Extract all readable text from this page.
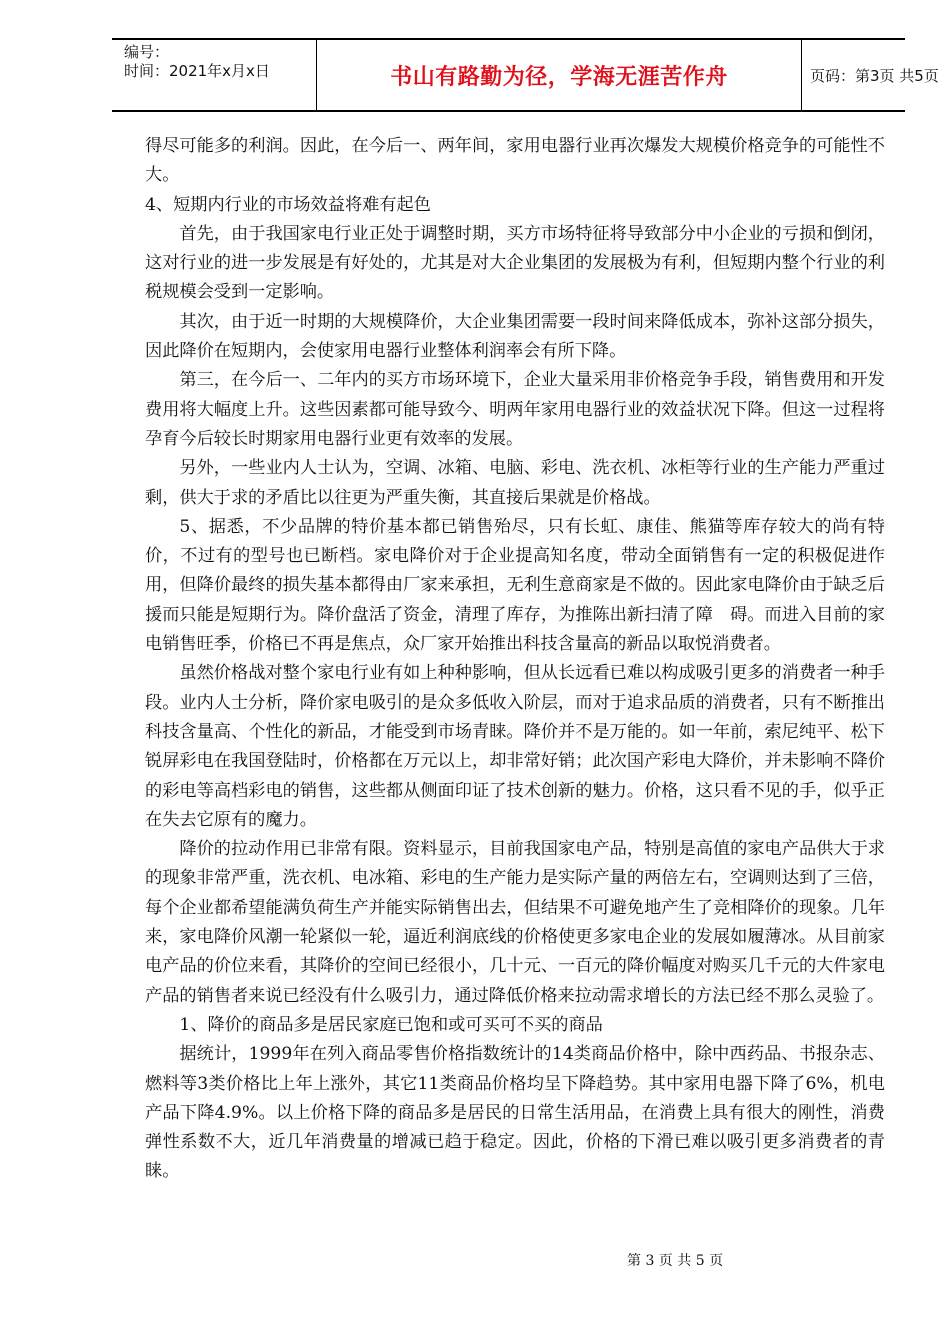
编号：
时间：2021年x月x日	书山有路勤为径，学海无涯苦作舟	页码：第3页 共5页

得尽可能多的利润。因此，在今后一、两年间，家用电器行业再次爆发大规模价格竞争的可能性不大。

4、短期内行业的市场效益将难有起色

首先，由于我国家电行业正处于调整时期，买方市场特征将导致部分中小企业的亏损和倒闭，这对行业的进一步发展是有好处的，尤其是对大企业集团的发展极为有利，但短期内整个行业的利税规模会受到一定影响。

其次，由于近一时期的大规模降价，大企业集团需要一段时间来降低成本，弥补这部分损失，因此降价在短期内，会使家用电器行业整体利润率会有所下降。

第三，在今后一、二年内的买方市场环境下，企业大量采用非价格竞争手段，销售费用和开发费用将大幅度上升。这些因素都可能导致今、明两年家用电器行业的效益状况下降。但这一过程将孕育今后较长时期家用电器行业更有效率的发展。

另外，一些业内人士认为，空调、冰箱、电脑、彩电、洗衣机、冰柜等行业的生产能力严重过剩，供大于求的矛盾比以往更为严重失衡，其直接后果就是价格战。

5、据悉，不少品牌的特价基本都已销售殆尽，只有长虹、康佳、熊猫等库存较大的尚有特价，不过有的型号也已断档。家电降价对于企业提高知名度，带动全面销售有一定的积极促进作用，但降价最终的损失基本都得由厂家来承担，无利生意商家是不做的。因此家电降价由于缺乏后援而只能是短期行为。降价盘活了资金，清理了库存，为推陈出新扫清了障　碍。而进入目前的家电销售旺季，价格已不再是焦点，众厂家开始推出科技含量高的新品以取悦消费者。

虽然价格战对整个家电行业有如上种种影响，但从长远看已难以构成吸引更多的消费者一种手段。业内人士分析，降价家电吸引的是众多低收入阶层，而对于追求品质的消费者，只有不断推出科技含量高、个性化的新品，才能受到市场青睐。降价并不是万能的。如一年前，索尼纯平、松下锐屏彩电在我国登陆时，价格都在万元以上，却非常好销；此次国产彩电大降价，并未影响不降价的彩电等高档彩电的销售，这些都从侧面印证了技术创新的魅力。价格，这只看不见的手，似乎正在失去它原有的魔力。

降价的拉动作用已非常有限。资料显示，目前我国家电产品，特别是高值的家电产品供大于求的现象非常严重，洗衣机、电冰箱、彩电的生产能力是实际产量的两倍左右，空调则达到了三倍，每个企业都希望能满负荷生产并能实际销售出去，但结果不可避免地产生了竞相降价的现象。几年来，家电降价风潮一轮紧似一轮，逼近利润底线的价格使更多家电企业的发展如履薄冰。从目前家电产品的价位来看，其降价的空间已经很小，几十元、一百元的降价幅度对购买几千元的大件家电产品的销售者来说已经没有什么吸引力，通过降低价格来拉动需求增长的方法已经不那么灵验了。

1、降价的商品多是居民家庭已饱和或可买可不买的商品

据统计，1999年在列入商品零售价格指数统计的14类商品价格中，除中西药品、书报杂志、燃料等3类价格比上年上涨外，其它11类商品价格均呈下降趋势。其中家用电器下降了6%，机电产品下降4.9%。以上价格下降的商品多是居民的日常生活用品，在消费上具有很大的刚性，消费弹性系数不大，近几年消费量的增减已趋于稳定。因此，价格的下滑已难以吸引更多消费者的青睐。

第 3 页 共 5 页
